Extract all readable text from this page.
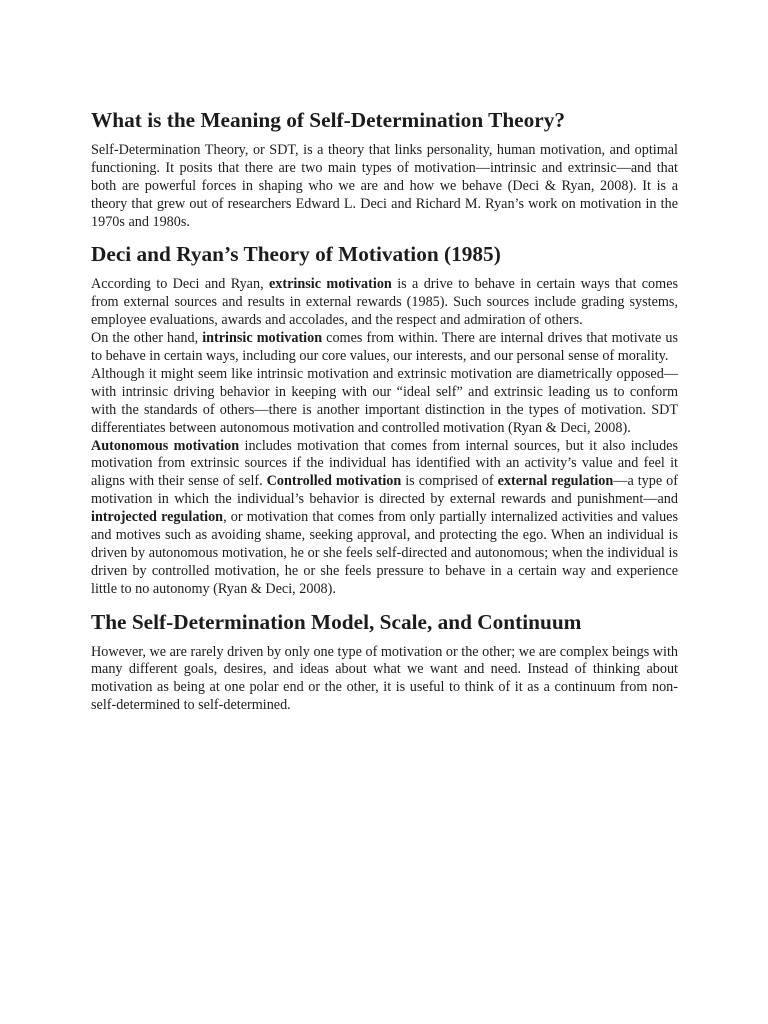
What is the Meaning of Self-Determination Theory?

Self-Determination Theory, or SDT, is a theory that links personality, human motivation, and optimal functioning. It posits that there are two main types of motivation—intrinsic and extrinsic—and that both are powerful forces in shaping who we are and how we behave (Deci & Ryan, 2008). It is a theory that grew out of researchers Edward L. Deci and Richard M. Ryan’s work on motivation in the 1970s and 1980s.

Deci and Ryan’s Theory of Motivation (1985)

According to Deci and Ryan, extrinsic motivation is a drive to behave in certain ways that comes from external sources and results in external rewards (1985). Such sources include grading systems, employee evaluations, awards and accolades, and the respect and admiration of others.

On the other hand, intrinsic motivation comes from within. There are internal drives that motivate us to behave in certain ways, including our core values, our interests, and our personal sense of morality.

Although it might seem like intrinsic motivation and extrinsic motivation are diametrically opposed—with intrinsic driving behavior in keeping with our “ideal self” and extrinsic leading us to conform with the standards of others—there is another important distinction in the types of motivation. SDT differentiates between autonomous motivation and controlled motivation (Ryan & Deci, 2008).

Autonomous motivation includes motivation that comes from internal sources, but it also includes motivation from extrinsic sources if the individual has identified with an activity’s value and feel it aligns with their sense of self. Controlled motivation is comprised of external regulation—a type of motivation in which the individual’s behavior is directed by external rewards and punishment—and introjected regulation, or motivation that comes from only partially internalized activities and values and motives such as avoiding shame, seeking approval, and protecting the ego. When an individual is driven by autonomous motivation, he or she feels self-directed and autonomous; when the individual is driven by controlled motivation, he or she feels pressure to behave in a certain way and experience little to no autonomy (Ryan & Deci, 2008).

The Self-Determination Model, Scale, and Continuum

However, we are rarely driven by only one type of motivation or the other; we are complex beings with many different goals, desires, and ideas about what we want and need. Instead of thinking about motivation as being at one polar end or the other, it is useful to think of it as a continuum from non-self-determined to self-determined.
